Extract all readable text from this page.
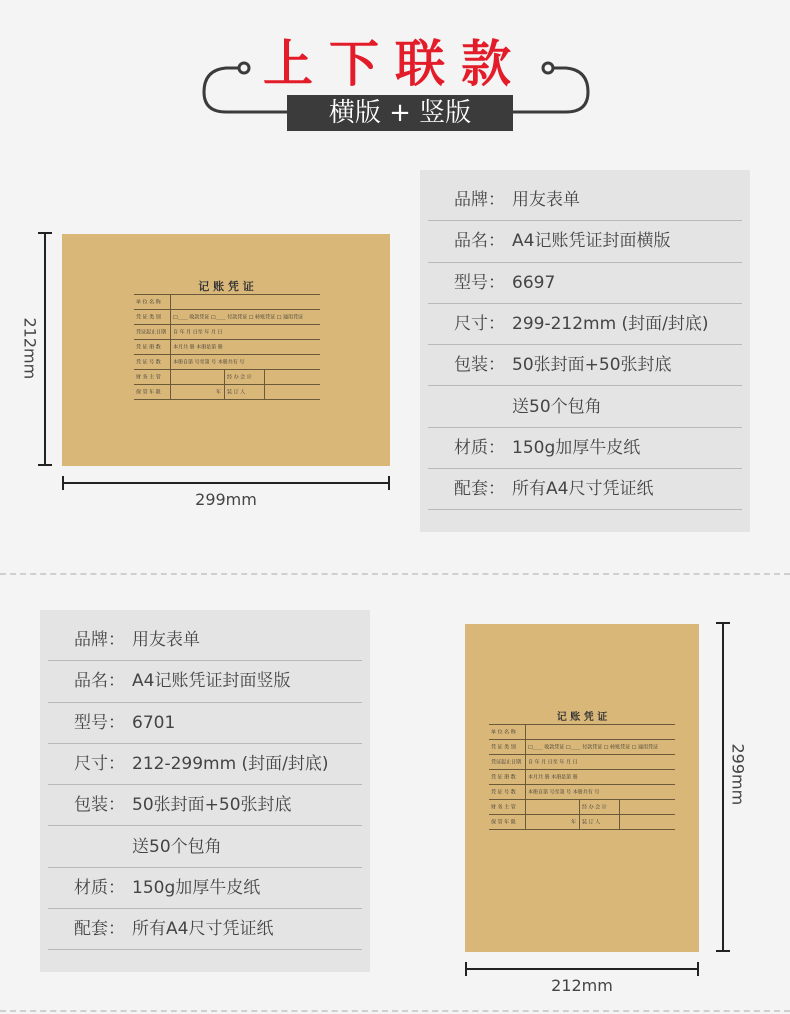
上下联款
横版 + 竖版
记 账 凭 证
单 位 名 称
凭 证 类 别 □____ 收款凭证 □____ 付款凭证 □ 转账凭证 □ 通用凭证
凭证起止日期 自 年 月 日至 年 月 日
凭 证 册 数 本月共 册 本册是第 册
凭 证 号 数 本册自第 号至第 号 本册共有 号
财 务 主 管	经 办 会 计
保 管 年 限	年 装 订 人
212mm
299mm
品牌： 用友表单
品名： A4记账凭证封面横版
型号： 6697
尺寸： 299-212mm (封面/封底)
包装： 50张封面+50张封底
送50个包角
材质： 150g加厚牛皮纸
配套： 所有A4尺寸凭证纸
品牌： 用友表单
品名： A4记账凭证封面竖版
型号： 6701
尺寸： 212-299mm (封面/封底)
包装： 50张封面+50张封底
送50个包角
材质： 150g加厚牛皮纸
配套： 所有A4尺寸凭证纸
记 账 凭 证
单 位 名 称
凭 证 类 别 □____ 收款凭证 □____ 付款凭证 □ 转账凭证 □ 通用凭证
凭证起止日期 自 年 月 日至 年 月 日
凭 证 册 数 本月共 册 本册是第 册
凭 证 号 数 本册自第 号至第 号 本册共有 号
财 务 主 管	经 办 会 计
保 管 年 限	年 装 订 人
299mm
212mm
